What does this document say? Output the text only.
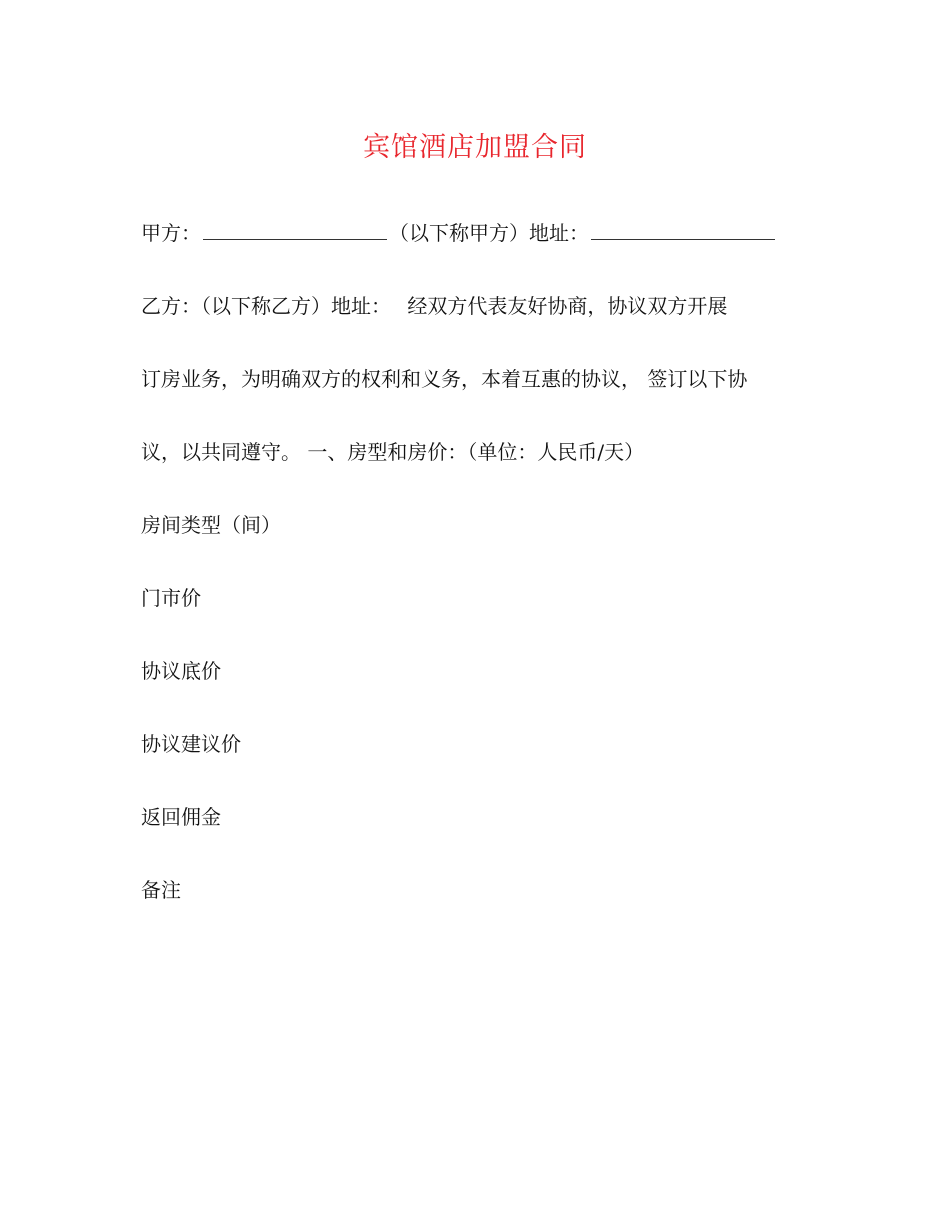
宾馆酒店加盟合同
甲方：	（以下称甲方）地址：
乙方：（以下称乙方）地址：　 经双方代表友好协商，协议双方开展
订房业务，为明确双方的权利和义务，本着互惠的协议， 签订以下协
议，以共同遵守。 一、房型和房价：（单位：人民币/天）
房间类型（间）
门市价
协议底价
协议建议价
返回佣金
备注
